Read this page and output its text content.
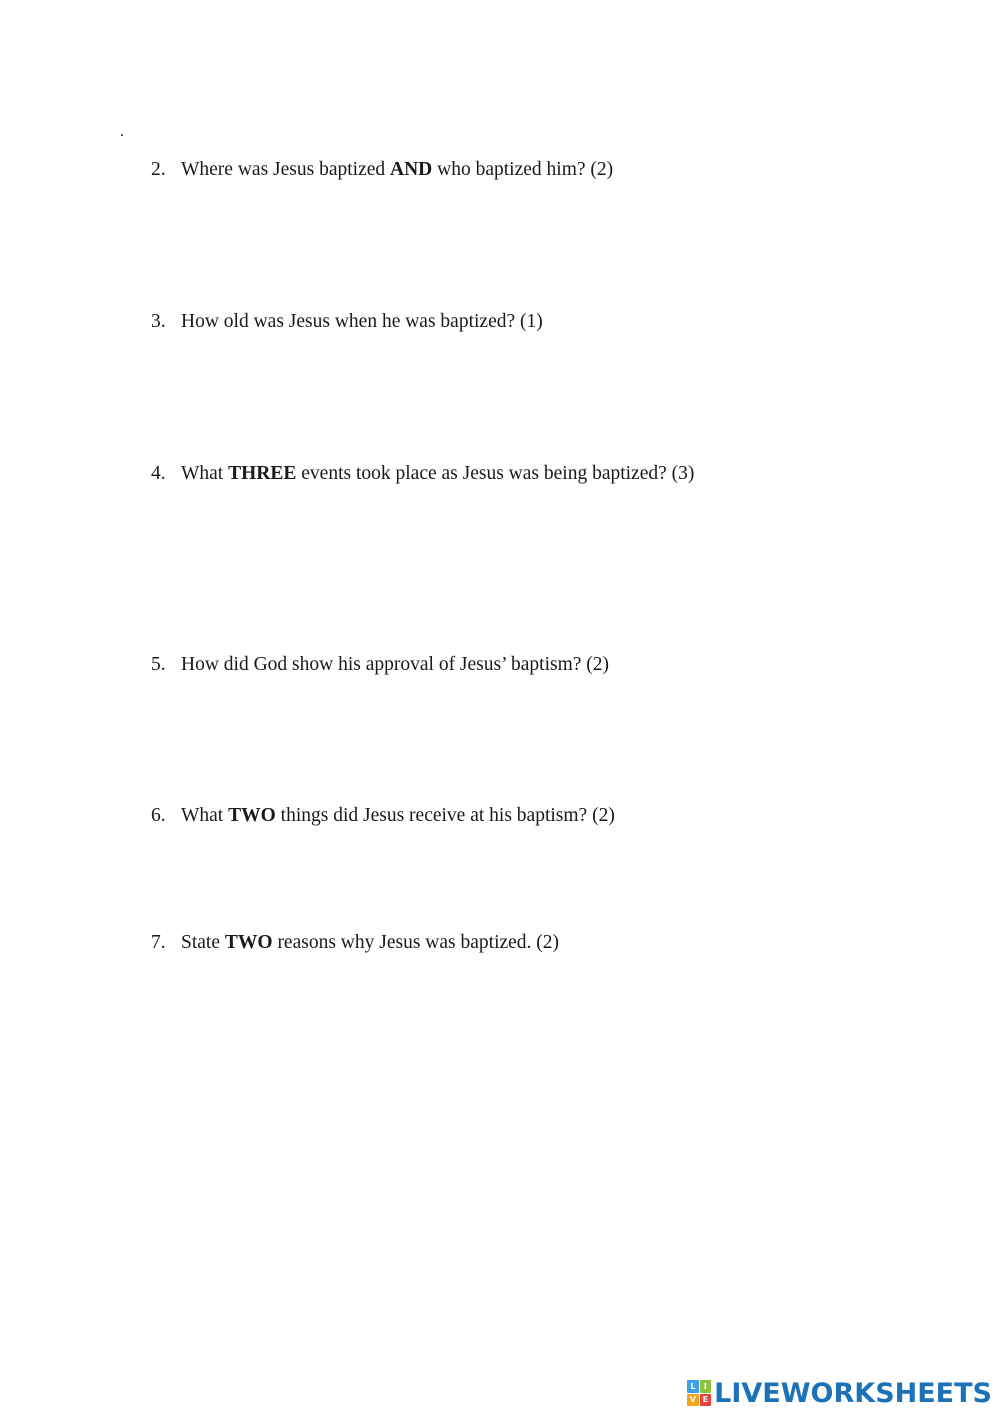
.
2. Where was Jesus baptized AND who baptized him? (2)
3. How old was Jesus when he was baptized? (1)
4. What THREE events took place as Jesus was being baptized? (3)
5. How did God show his approval of Jesus’ baptism? (2)
6. What TWO things did Jesus receive at his baptism? (2)
7. State TWO reasons why Jesus was baptized. (2)
L	I
V E LIVEWORKSHEETS
